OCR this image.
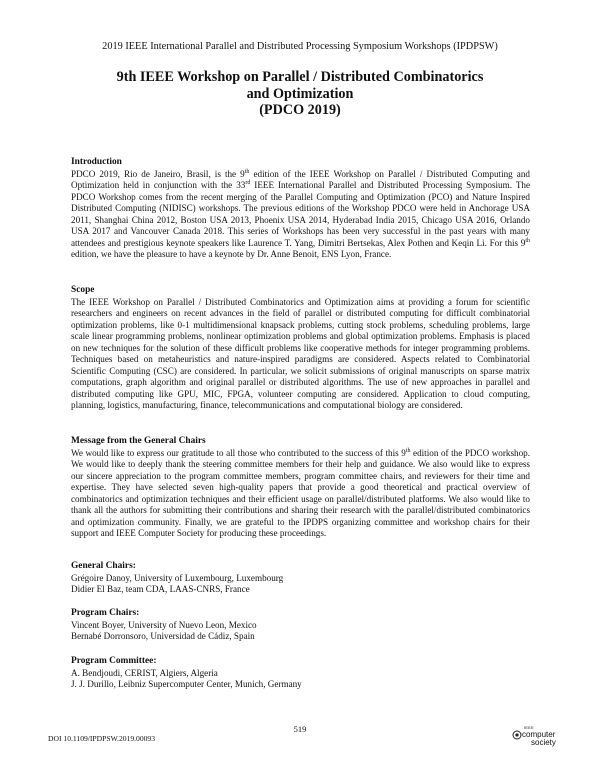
2019 IEEE International Parallel and Distributed Processing Symposium Workshops (IPDPSW)
9th IEEE Workshop on Parallel / Distributed Combinatorics
and Optimization
(PDCO 2019)
Introduction

PDCO 2019, Rio de Janeiro, Brasil, is the 9th edition of the IEEE Workshop on Parallel / Distributed Computing and Optimization held in conjunction with the 33rd IEEE International Parallel and Distributed Processing Symposium. The PDCO Workshop comes from the recent merging of the Parallel Computing and Optimization (PCO) and Nature Inspired Distributed Computing (NIDISC) workshops. The previous editions of the Workshop PDCO were held in Anchorage USA 2011, Shanghai China 2012, Boston USA 2013, Phoenix USA 2014, Hyderabad India 2015, Chicago USA 2016, Orlando USA 2017 and Vancouver Canada 2018. This series of Workshops has been very successful in the past years with many attendees and prestigious keynote speakers like Laurence T. Yang, Dimitri Bertsekas, Alex Pothen and Keqin Li. For this 9th edition, we have the pleasure to have a keynote by Dr. Anne Benoit, ENS Lyon, France.

Scope

The IEEE Workshop on Parallel / Distributed Combinatorics and Optimization aims at providing a forum for scientific researchers and engineers on recent advances in the field of parallel or distributed computing for difficult combinatorial optimization problems, like 0-1 multidimensional knapsack problems, cutting stock problems, scheduling problems, large scale linear programming problems, nonlinear optimization problems and global optimization problems. Emphasis is placed on new techniques for the solution of these difficult problems like cooperative methods for integer programming problems. Techniques based on metaheuristics and nature-inspired paradigms are considered. Aspects related to Combinatorial Scientific Computing (CSC) are considered. In particular, we solicit submissions of original manuscripts on sparse matrix computations, graph algorithm and original parallel or distributed algorithms. The use of new approaches in parallel and distributed computing like GPU, MIC, FPGA, volunteer computing are considered. Application to cloud computing, planning, logistics, manufacturing, finance, telecommunications and computational biology are considered.

Message from the General Chairs

We would like to express our gratitude to all those who contributed to the success of this 9th edition of the PDCO workshop. We would like to deeply thank the steering committee members for their help and guidance. We also would like to express our sincere appreciation to the program committee members, program committee chairs, and reviewers for their time and expertise. They have selected seven high-quality papers that provide a good theoretical and practical overview of combinatorics and optimization techniques and their efficient usage on parallel/distributed platforms. We also would like to thank all the authors for submitting their contributions and sharing their research with the parallel/distributed combinatorics and optimization community. Finally, we are grateful to the IPDPS organizing committee and workshop chairs for their support and IEEE Computer Society for producing these proceedings.

General Chairs:
Grégoire Danoy, University of Luxembourg, Luxembourg
Didier El Baz, team CDA, LAAS-CNRS, France
Program Chairs:
Vincent Boyer, University of Nuevo Leon, Mexico
Bernabé Dorronsoro, Universidad de Cádiz, Spain
Program Committee:
A. Bendjoudi, CERIST, Algiers, Algeria
J. J. Durillo, Leibniz Supercomputer Center, Munich, Germany
519
DOI 10.1109/IPDPSW.2019.00093
IEEE
computer
society
